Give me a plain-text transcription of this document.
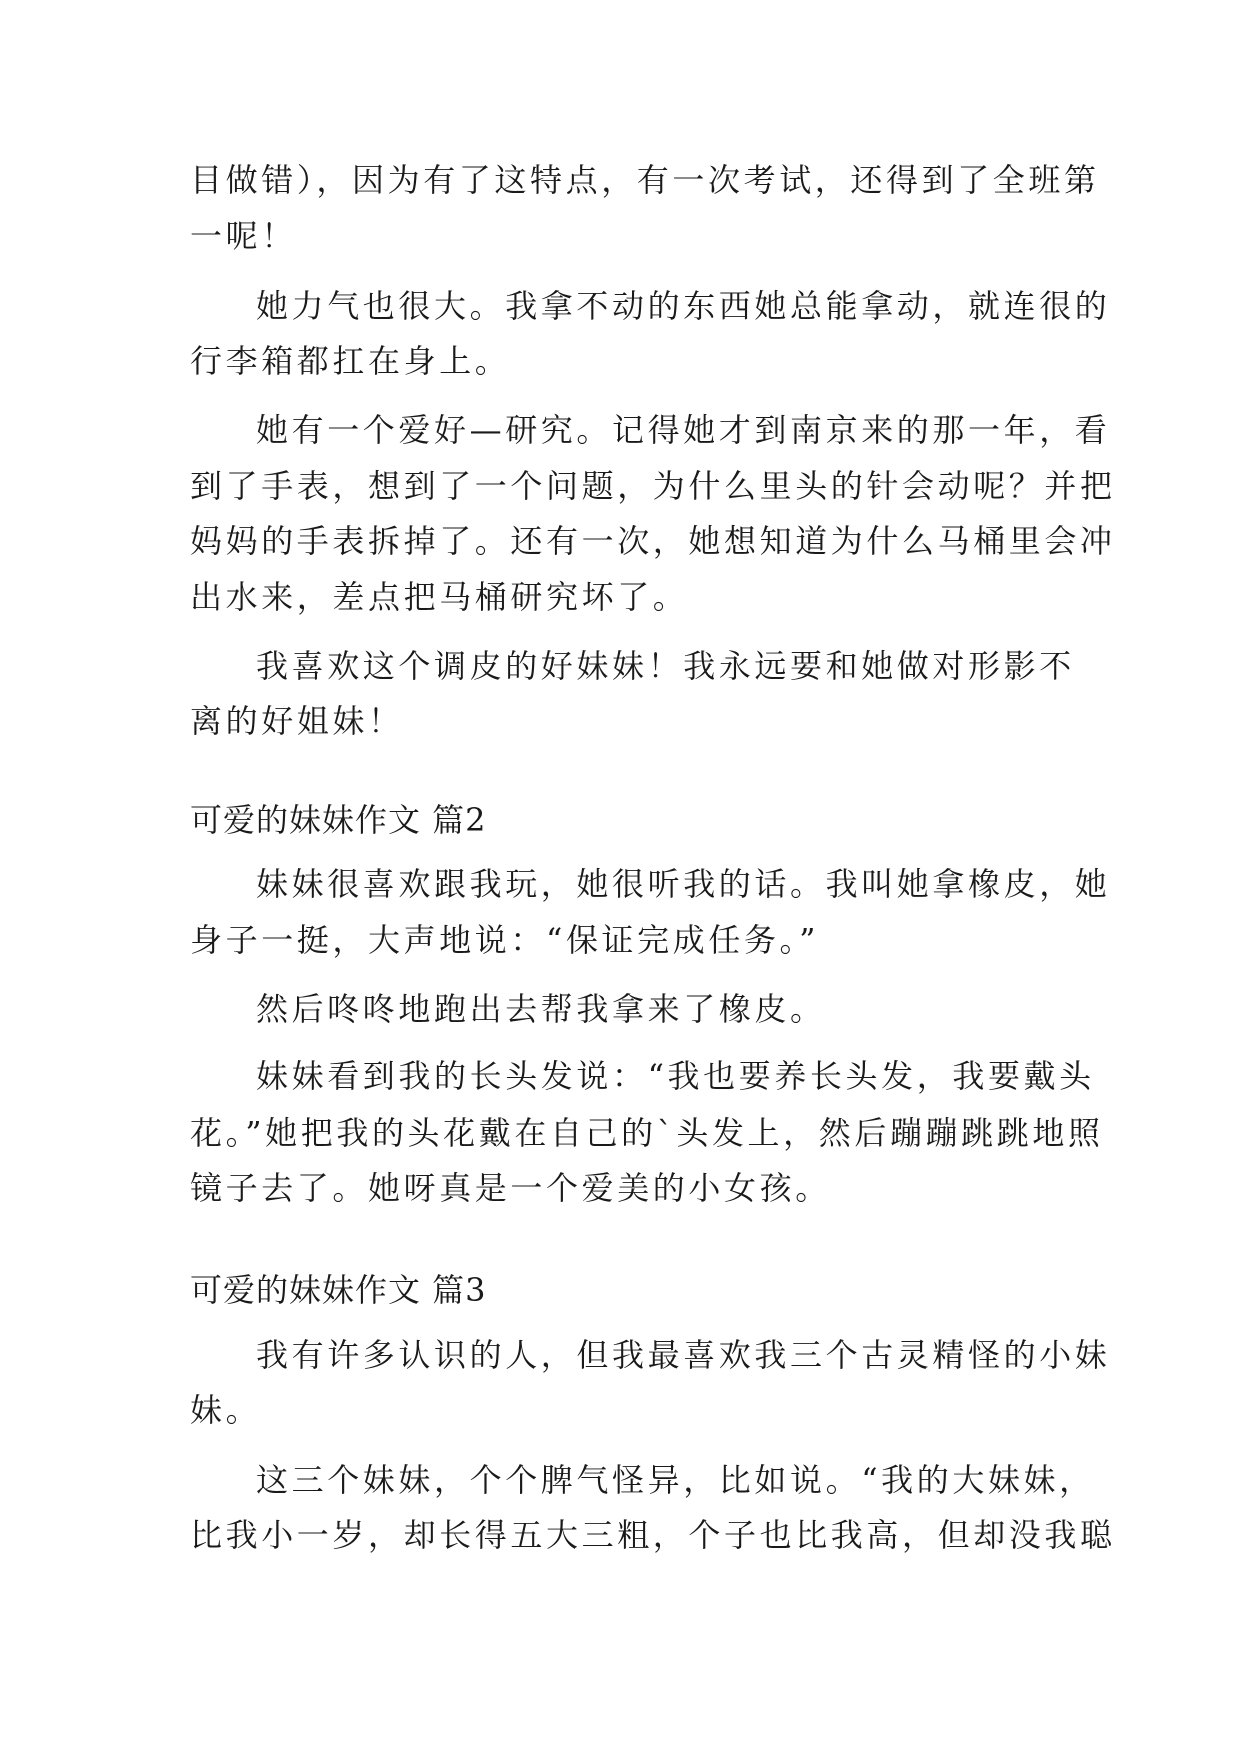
目做错），因为有了这特点，有一次考试，还得到了全班第
一呢！
她力气也很大。我拿不动的东西她总能拿动，就连很的
行李箱都扛在身上。
她有一个爱好—研究。记得她才到南京来的那一年，看
到了手表，想到了一个问题，为什么里头的针会动呢？并把
妈妈的手表拆掉了。还有一次，她想知道为什么马桶里会冲
出水来，差点把马桶研究坏了。
我喜欢这个调皮的好妹妹！我永远要和她做对形影不
离的好姐妹！
可爱的妹妹作文 篇2
妹妹很喜欢跟我玩，她很听我的话。我叫她拿橡皮，她
身子一挺，大声地说：“保证完成任务。”
然后咚咚地跑出去帮我拿来了橡皮。
妹妹看到我的长头发说：“我也要养长头发，我要戴头
花。”她把我的头花戴在自己的`头发上，然后蹦蹦跳跳地照
镜子去了。她呀真是一个爱美的小女孩。
可爱的妹妹作文 篇3
我有许多认识的人，但我最喜欢我三个古灵精怪的小妹
妹。
这三个妹妹，个个脾气怪异，比如说。“我的大妹妹，
比我小一岁，却长得五大三粗，个子也比我高，但却没我聪
